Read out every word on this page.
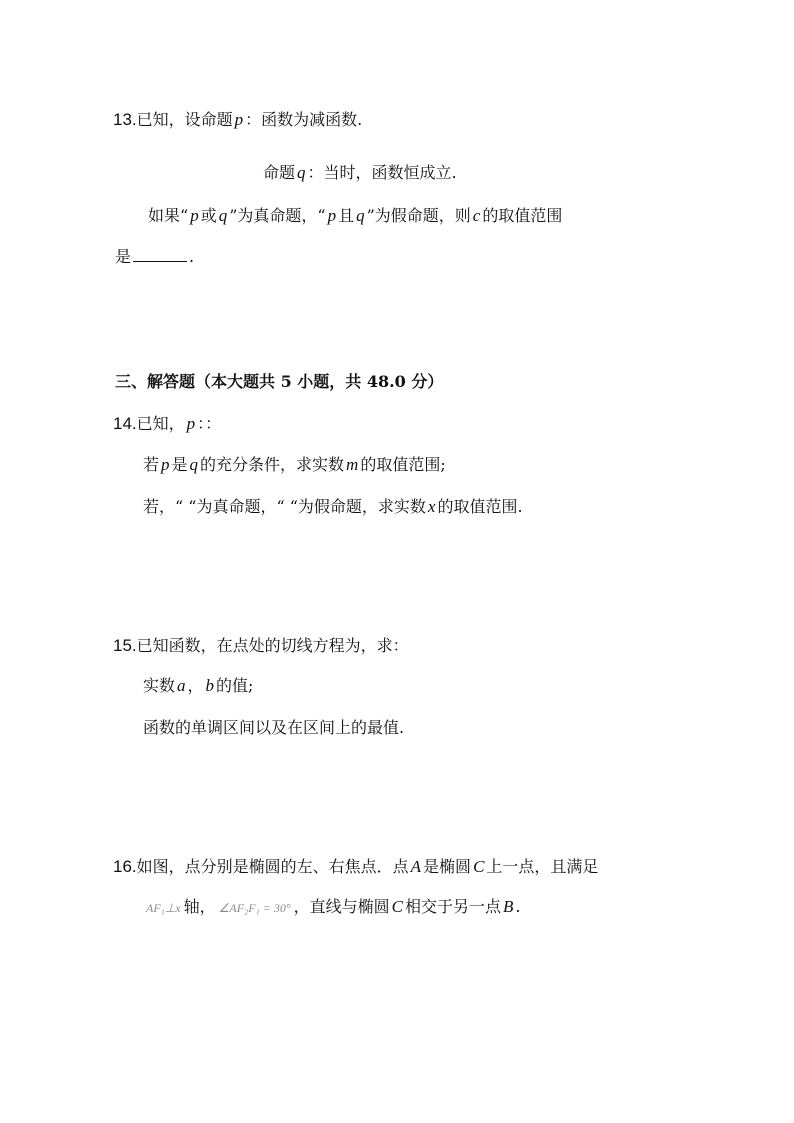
13.已知，设命题 p ：函数为减函数.
命题 q ：当时，函数恒成立.
如果“ p 或 q ”为真命题，“ p 且 q ”为假命题，则 c 的取值范围
是	.
三、解答题（本大题共 5 小题，共 48.0 分）
14.已知， p ：：
若 p 是 q 的充分条件，求实数 m 的取值范围;
若，“ “为真命题，“ “为假命题，求实数 x 的取值范围.
15.已知函数，在点处的切线方程为，求：
实数 a ， b 的值;
函数的单调区间以及在区间上的最值.
16.如图，点分别是椭圆的左、右焦点．点 A 是椭圆 C 上一点，且满足
AF₁⊥x 轴， ∠AF₂F₁ = 30° ，直线与椭圆 C 相交于另一点 B .
